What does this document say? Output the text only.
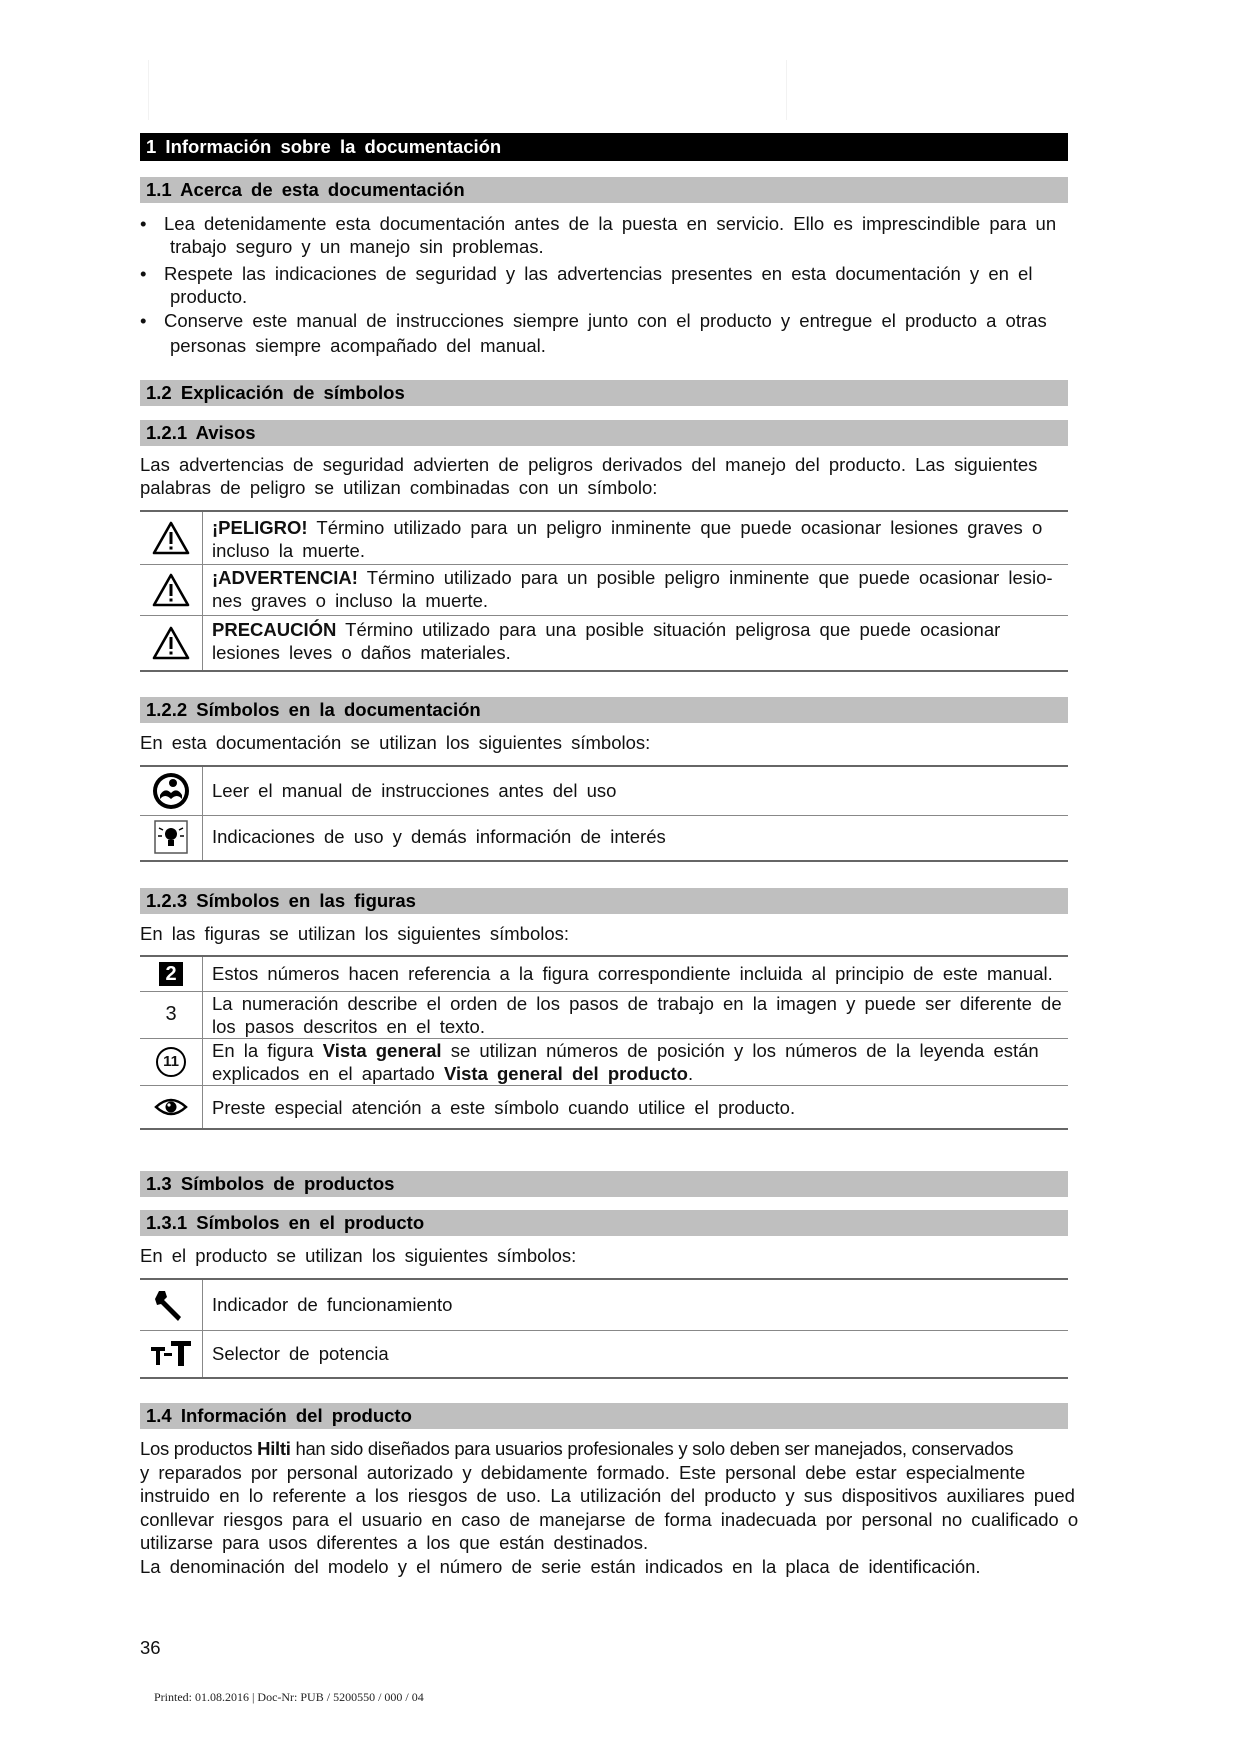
1 Información sobre la documentación
1.1 Acerca de esta documentación
• Lea detenidamente esta documentación antes de la puesta en servicio. Ello es imprescindible para un
trabajo seguro y un manejo sin problemas.
• Respete las indicaciones de seguridad y las advertencias presentes en esta documentación y en el
producto.
• Conserve este manual de instrucciones siempre junto con el producto y entregue el producto a otras
personas siempre acompañado del manual.
1.2 Explicación de símbolos
1.2.1 Avisos
Las advertencias de seguridad advierten de peligros derivados del manejo del producto. Las siguientes
palabras de peligro se utilizan combinadas con un símbolo:
¡PELIGRO! Término utilizado para un peligro inminente que puede ocasionar lesiones graves o
incluso la muerte.
¡ADVERTENCIA! Término utilizado para un posible peligro inminente que puede ocasionar lesio-
nes graves o incluso la muerte.
PRECAUCIÓN Término utilizado para una posible situación peligrosa que puede ocasionar
lesiones leves o daños materiales.
1.2.2 Símbolos en la documentación
En esta documentación se utilizan los siguientes símbolos:
Leer el manual de instrucciones antes del uso
Indicaciones de uso y demás información de interés
1.2.3 Símbolos en las figuras
En las figuras se utilizan los siguientes símbolos:
2	Estos números hacen referencia a la figura correspondiente incluida al principio de este manual.
3 La numeración describe el orden de los pasos de trabajo en la imagen y puede ser diferente de
los pasos descritos en el texto.
11
En la figura Vista general se utilizan números de posición y los números de la leyenda están
explicados en el apartado Vista general del producto.
Preste especial atención a este símbolo cuando utilice el producto.
1.3 Símbolos de productos
1.3.1 Símbolos en el producto
En el producto se utilizan los siguientes símbolos:
Indicador de funcionamiento
Selector de potencia
1.4 Información del producto
Los productos Hilti han sido diseñados para usuarios profesionales y solo deben ser manejados, conservados
y reparados por personal autorizado y debidamente formado. Este personal debe estar especialmente
instruido en lo referente a los riesgos de uso. La utilización del producto y sus dispositivos auxiliares pued
conllevar riesgos para el usuario en caso de manejarse de forma inadecuada por personal no cualificado o
utilizarse para usos diferentes a los que están destinados.
La denominación del modelo y el número de serie están indicados en la placa de identificación.
36
Printed: 01.08.2016 | Doc-Nr: PUB / 5200550 / 000 / 04
